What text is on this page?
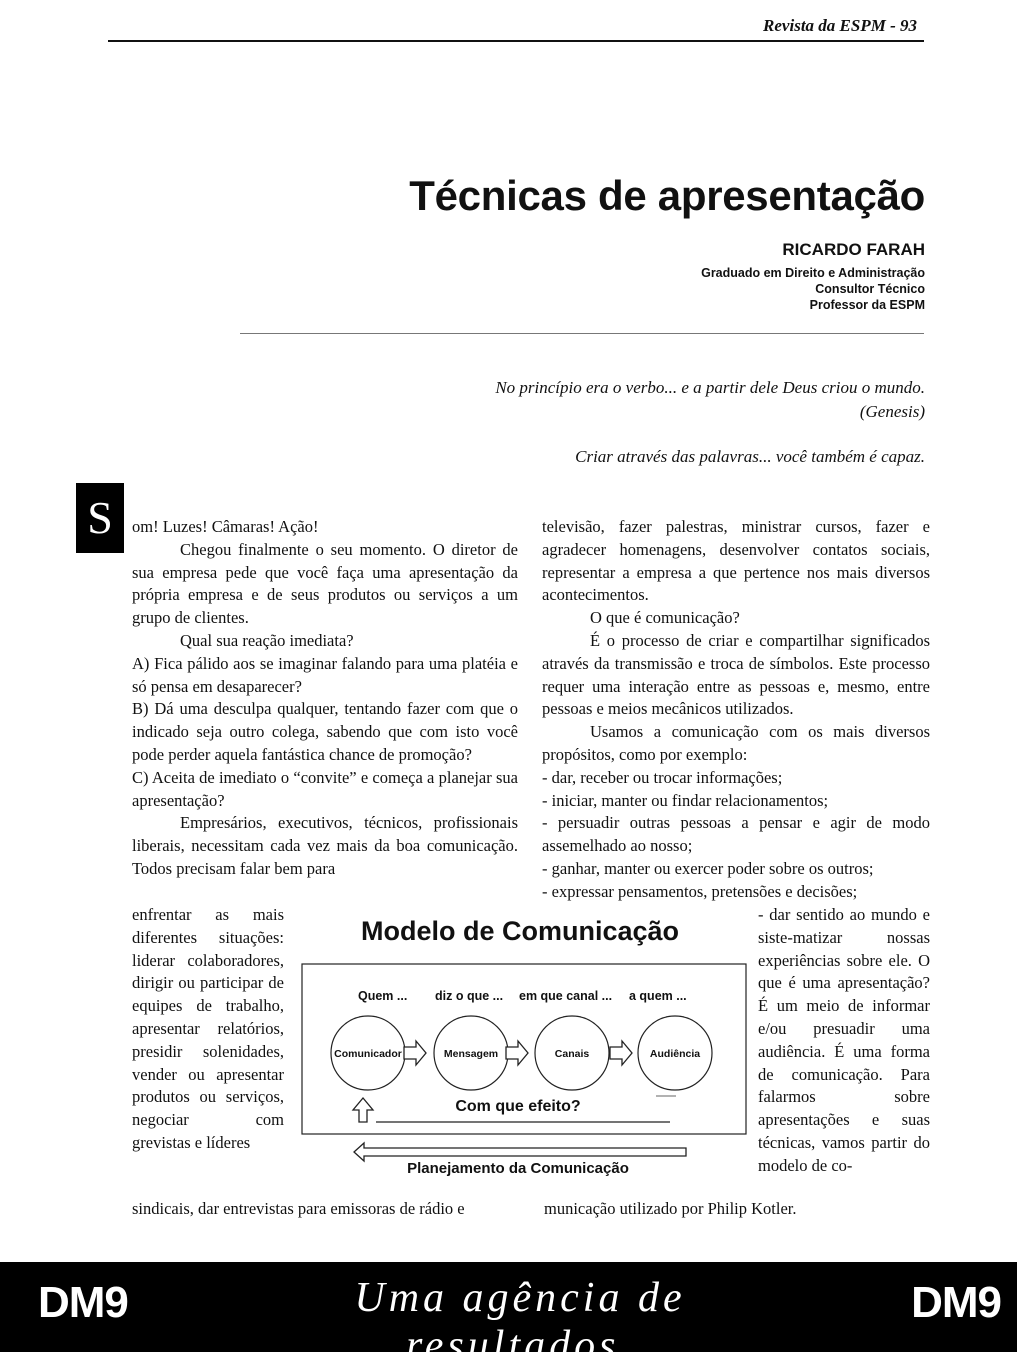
Revista da ESPM - 93
Técnicas de apresentação
RICARDO FARAH
Graduado em Direito e Administração
Consultor Técnico
Professor da ESPM
No princípio era o verbo... e a partir dele Deus criou o mundo.
(Genesis)
Criar através das palavras... você também é capaz.
S	om! Luzes! Câmaras! Ação!

Chegou finalmente o seu momento. O diretor de sua empresa pede que você faça uma apresentação da própria empresa e de seus produtos ou serviços a um grupo de clientes.

Qual sua reação imediata?

A) Fica pálido aos se imaginar falando para uma platéia e só pensa em desaparecer?

B) Dá uma desculpa qualquer, tentando fazer com que o indicado seja outro colega, sabendo que com isto você pode perder aquela fantástica chance de promoção?

C) Aceita de imediato o “convite” e começa a planejar sua apresentação?

Empresários, executivos, técnicos, profissionais liberais, necessitam cada vez mais da boa comunicação. Todos precisam falar bem para

televisão, fazer palestras, ministrar cursos, fazer e agradecer homenagens, desenvolver contatos sociais, representar a empresa a que pertence nos mais diversos acontecimentos.

O que é comunicação?

É o processo de criar e compartilhar significados através da transmissão e troca de símbolos. Este processo requer uma interação entre as pessoas e, mesmo, entre pessoas e meios mecânicos utilizados.

Usamos a comunicação com os mais diversos propósitos, como por exemplo:

- dar, receber ou trocar informações;

- iniciar, manter ou findar relacionamentos;

- persuadir outras pessoas a pensar e agir de modo assemelhado ao nosso;

- ganhar, manter ou exercer poder sobre os outros;

- expressar pensamentos, pretensões e decisões;

enfrentar as mais diferentes situações: liderar colaboradores, dirigir ou participar de equipes de trabalho, apresentar relatórios, presidir solenidades, vender ou apresentar produtos ou serviços, negociar com grevistas e líderes
- dar sentido ao mundo e siste-matizar nossas experiências sobre ele. O que é uma apresentação? É um meio de informar e/ou presuadir uma audiência. É uma forma de comunicação. Para falarmos sobre apresentações e suas técnicas, vamos partir do modelo de co-
sindicais, dar entrevistas para emissoras de rádio e	municação utilizado por Philip Kotler.
Modelo de Comunicação
Quem ... diz o que ... em que canal ... a quem ...
Comunicador	Mensagem	Canais	Audiência
Com que efeito?
Planejamento da Comunicação
DM9	Uma agência de resultados.
DM9
